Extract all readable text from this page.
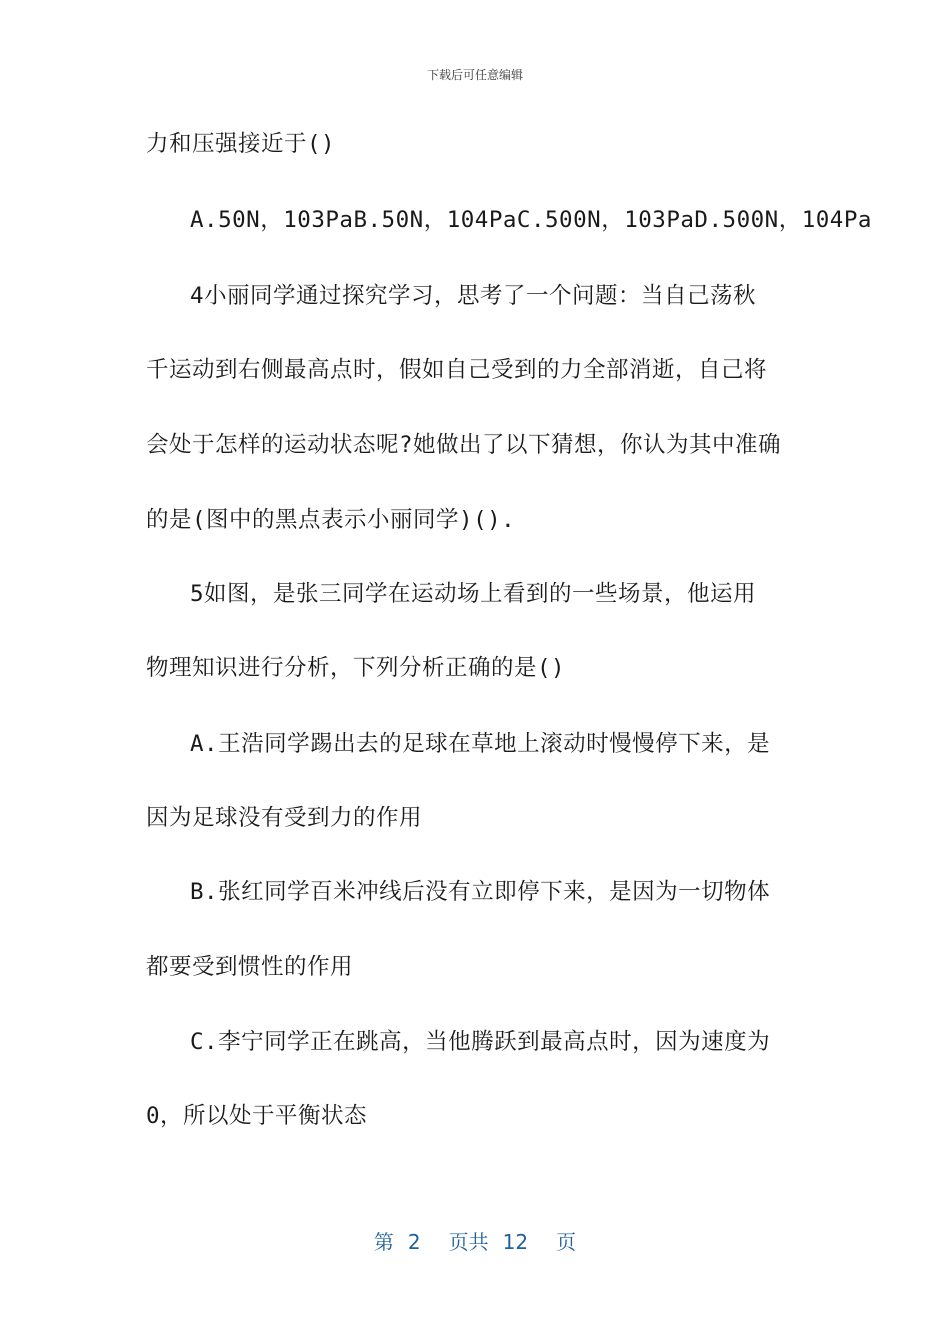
下载后可任意编辑
力和压强接近于()
A.50N，103PaB.50N，104PaC.500N，103PaD.500N，104Pa
4小丽同学通过探究学习，思考了一个问题：当自己荡秋
千运动到右侧最高点时，假如自己受到的力全部消逝，自己将
会处于怎样的运动状态呢?她做出了以下猜想，你认为其中准确
的是(图中的黑点表示小丽同学)().
5如图，是张三同学在运动场上看到的一些场景，他运用
物理知识进行分析，下列分析正确的是()
A.王浩同学踢出去的足球在草地上滚动时慢慢停下来，是
因为足球没有受到力的作用
B.张红同学百米冲线后没有立即停下来，是因为一切物体
都要受到惯性的作用
C.李宁同学正在跳高，当他腾跃到最高点时，因为速度为
0，所以处于平衡状态
第 2 页共 12 页
